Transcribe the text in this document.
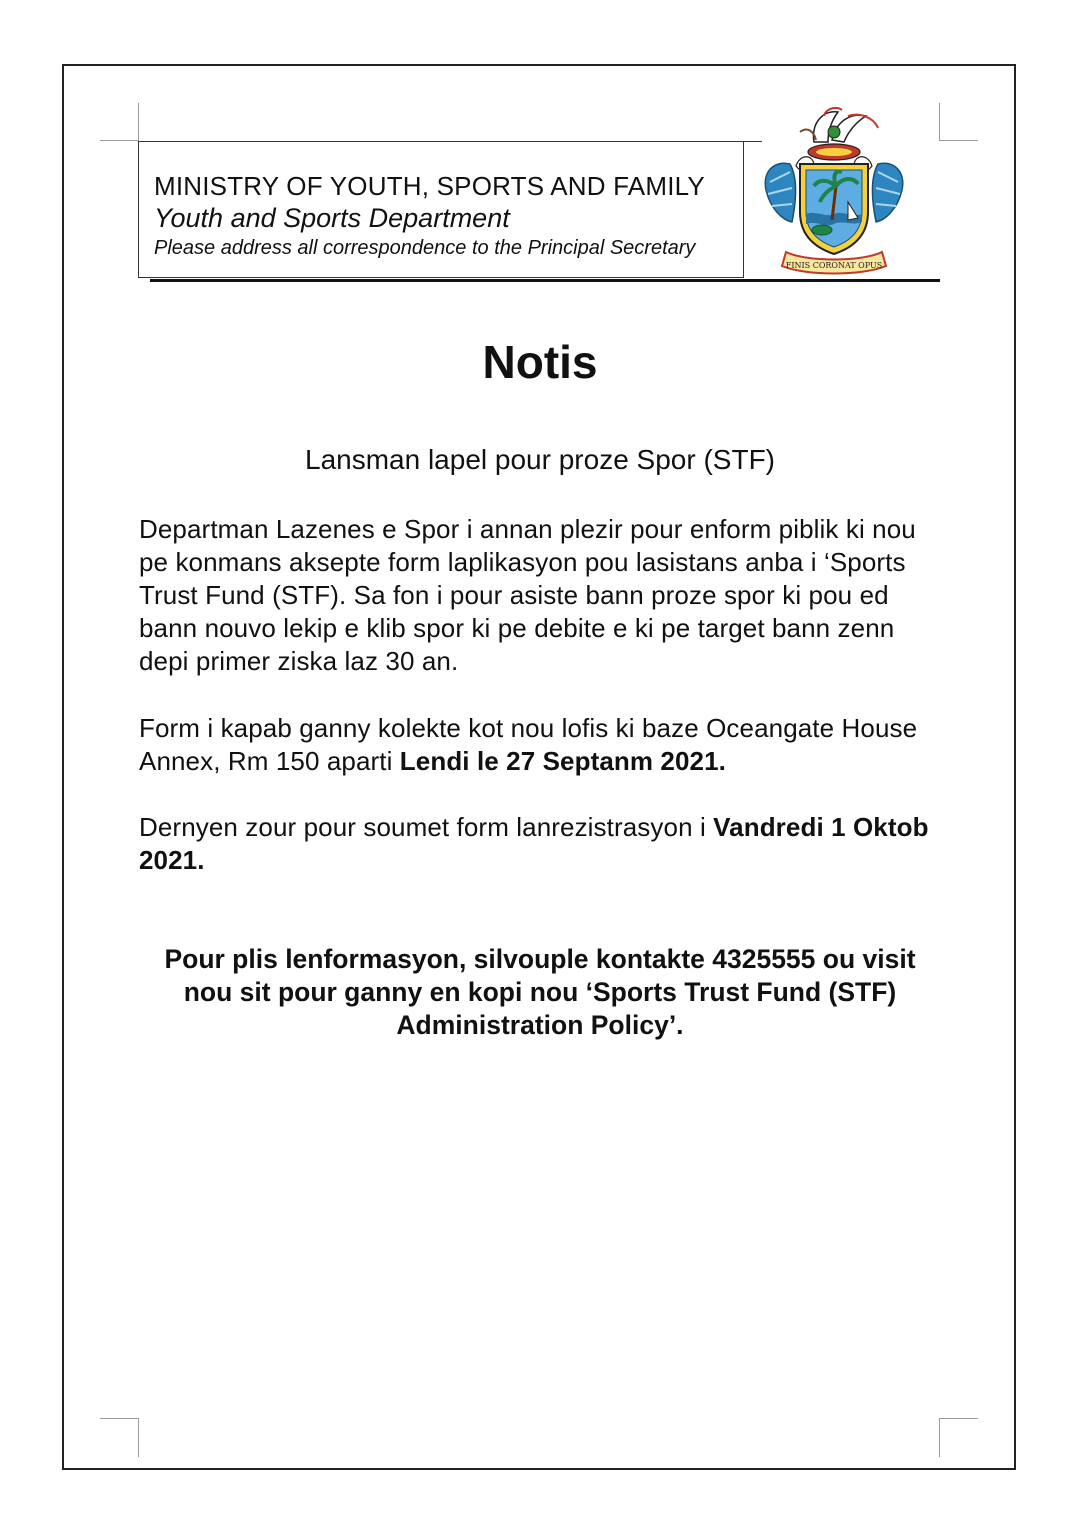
MINISTRY OF YOUTH, SPORTS AND FAMILY
Youth and Sports Department
Please address all correspondence to the Principal Secretary
FINIS CORONAT OPUS
Notis
Lansman lapel pour proze Spor (STF)
Departman Lazenes e Spor i annan plezir pour enform piblik ki nou pe konmans aksepte form laplikasyon pou lasistans anba i ‘Sports Trust Fund (STF). Sa fon i pour asiste bann proze spor ki pou ed bann nouvo lekip e klib spor ki pe debite e ki pe target bann zenn depi primer ziska laz 30 an.
Form i kapab ganny kolekte kot nou lofis ki baze Oceangate House Annex, Rm 150 aparti Lendi le 27 Septanm 2021.
Dernyen zour pour soumet form lanrezistrasyon i Vandredi 1 Oktob 2021.
Pour plis lenformasyon, silvouple kontakte 4325555 ou visit nou sit pour ganny en kopi nou ‘Sports Trust Fund (STF) Administration Policy’.
